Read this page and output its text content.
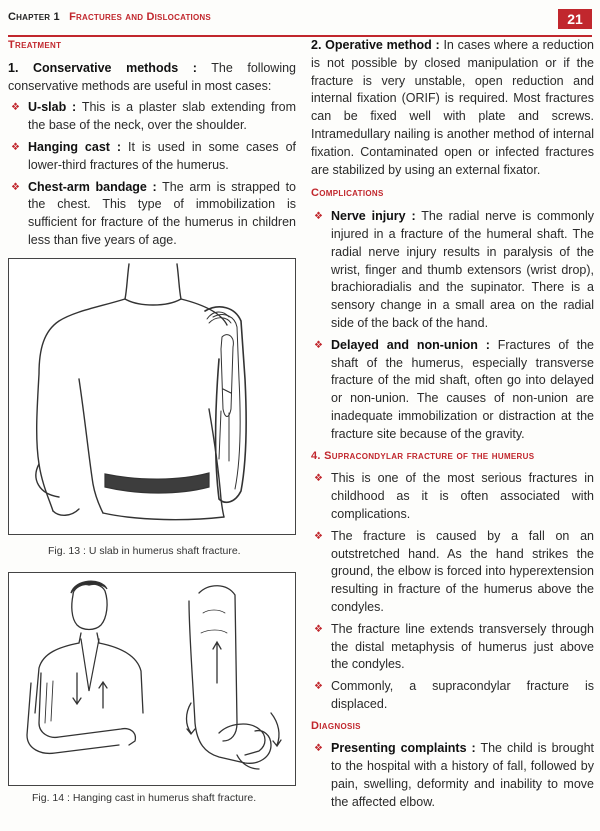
Chapter 1 Fractures and Dislocations	21
Treatment

1. Conservative methods : The following conservative methods are useful in most cases:

❖ U-slab : This is a plaster slab extending from the base of the neck, over the shoulder.
❖ Hanging cast : It is used in some cases of lower-third fractures of the humerus.
❖ Chest-arm bandage : The arm is strapped to the chest. This type of immobilization is sufficient for fracture of the humerus in children less than five years of age.
Fig. 13 : U slab in humerus shaft fracture.
Fig. 14 : Hanging cast in humerus shaft fracture.

2. Operative method : In cases where a reduction is not possible by closed manipulation or if the fracture is very unstable, open reduction and internal fixation (ORIF) is required. Most fractures can be fixed well with plate and screws. Intramedullary nailing is another method of internal fixation. Contaminated open or infected fractures are stabilized by using an external fixator.

Complications
❖ Nerve injury : The radial nerve is commonly injured in a fracture of the humeral shaft. The radial nerve injury results in paralysis of the wrist, finger and thumb extensors (wrist drop), brachioradialis and the supinator. There is a sensory change in a small area on the radial side of the back of the hand.
❖ Delayed and non-union : Fractures of the shaft of the humerus, especially transverse fracture of the mid shaft, often go into delayed or non-union. The causes of non-union are inadequate immobilization or distraction at the fracture site because of the gravity.
4. Supracondylar fracture of the humerus
❖ This is one of the most serious fractures in childhood as it is often associated with complications.
❖ The fracture is caused by a fall on an outstretched hand. As the hand strikes the ground, the elbow is forced into hyperextension resulting in fracture of the humerus above the condyles.
❖ The fracture line extends transversely through the distal metaphysis of humerus just above the condyles.
❖ Commonly, a supracondylar fracture is displaced.
Diagnosis
❖ Presenting complaints : The child is brought to the hospital with a history of fall, followed by pain, swelling, deformity and inability to move the affected elbow.
